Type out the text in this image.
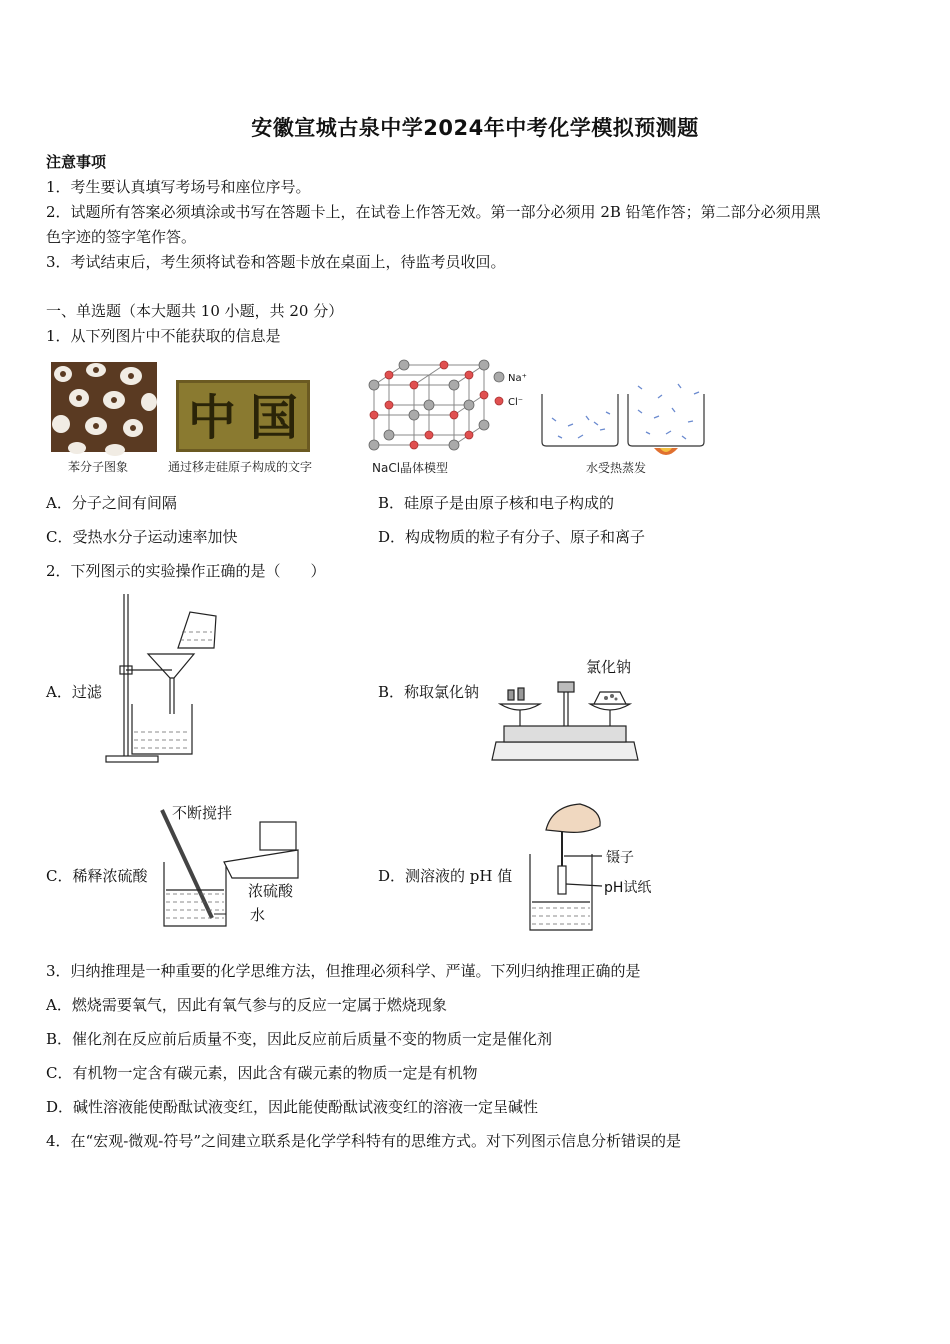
安徽宣城古泉中学2024年中考化学模拟预测题
注意事项
1．考生要认真填写考场号和座位序号。
2．试题所有答案必须填涂或书写在答题卡上，在试卷上作答无效。第一部分必须用 2B 铅笔作答；第二部分必须用黑
色字迹的签字笔作答。
3．考试结束后，考生须将试卷和答题卡放在桌面上，待监考员收回。
一、单选题（本大题共 10 小题，共 20 分）
1．从下列图片中不能获取的信息是
苯分子图象
中 国
通过移走硅原子构成的文字
Na⁺
Cl⁻
NaCl晶体模型	水受热蒸发
A．分子之间有间隔	B．硅原子是由原子核和电子构成的
C．受热水分子运动速率加快	D．构成物质的粒子有分子、原子和离子
2．下列图示的实验操作正确的是（　　）
A．过滤	B．称取氯化钠
氯化钠
C．稀释浓硫酸
不断搅拌
浓硫酸
水
D．测溶液的 pH 值
镊子
pH试纸
3．归纳推理是一种重要的化学思维方法，但推理必须科学、严谨。下列归纳推理正确的是
A．燃烧需要氧气，因此有氧气参与的反应一定属于燃烧现象
B．催化剂在反应前后质量不变，因此反应前后质量不变的物质一定是催化剂
C．有机物一定含有碳元素，因此含有碳元素的物质一定是有机物
D．碱性溶液能使酚酞试液变红，因此能使酚酞试液变红的溶液一定呈碱性
4．在“宏观-微观-符号”之间建立联系是化学学科特有的思维方式。对下列图示信息分析错误的是
